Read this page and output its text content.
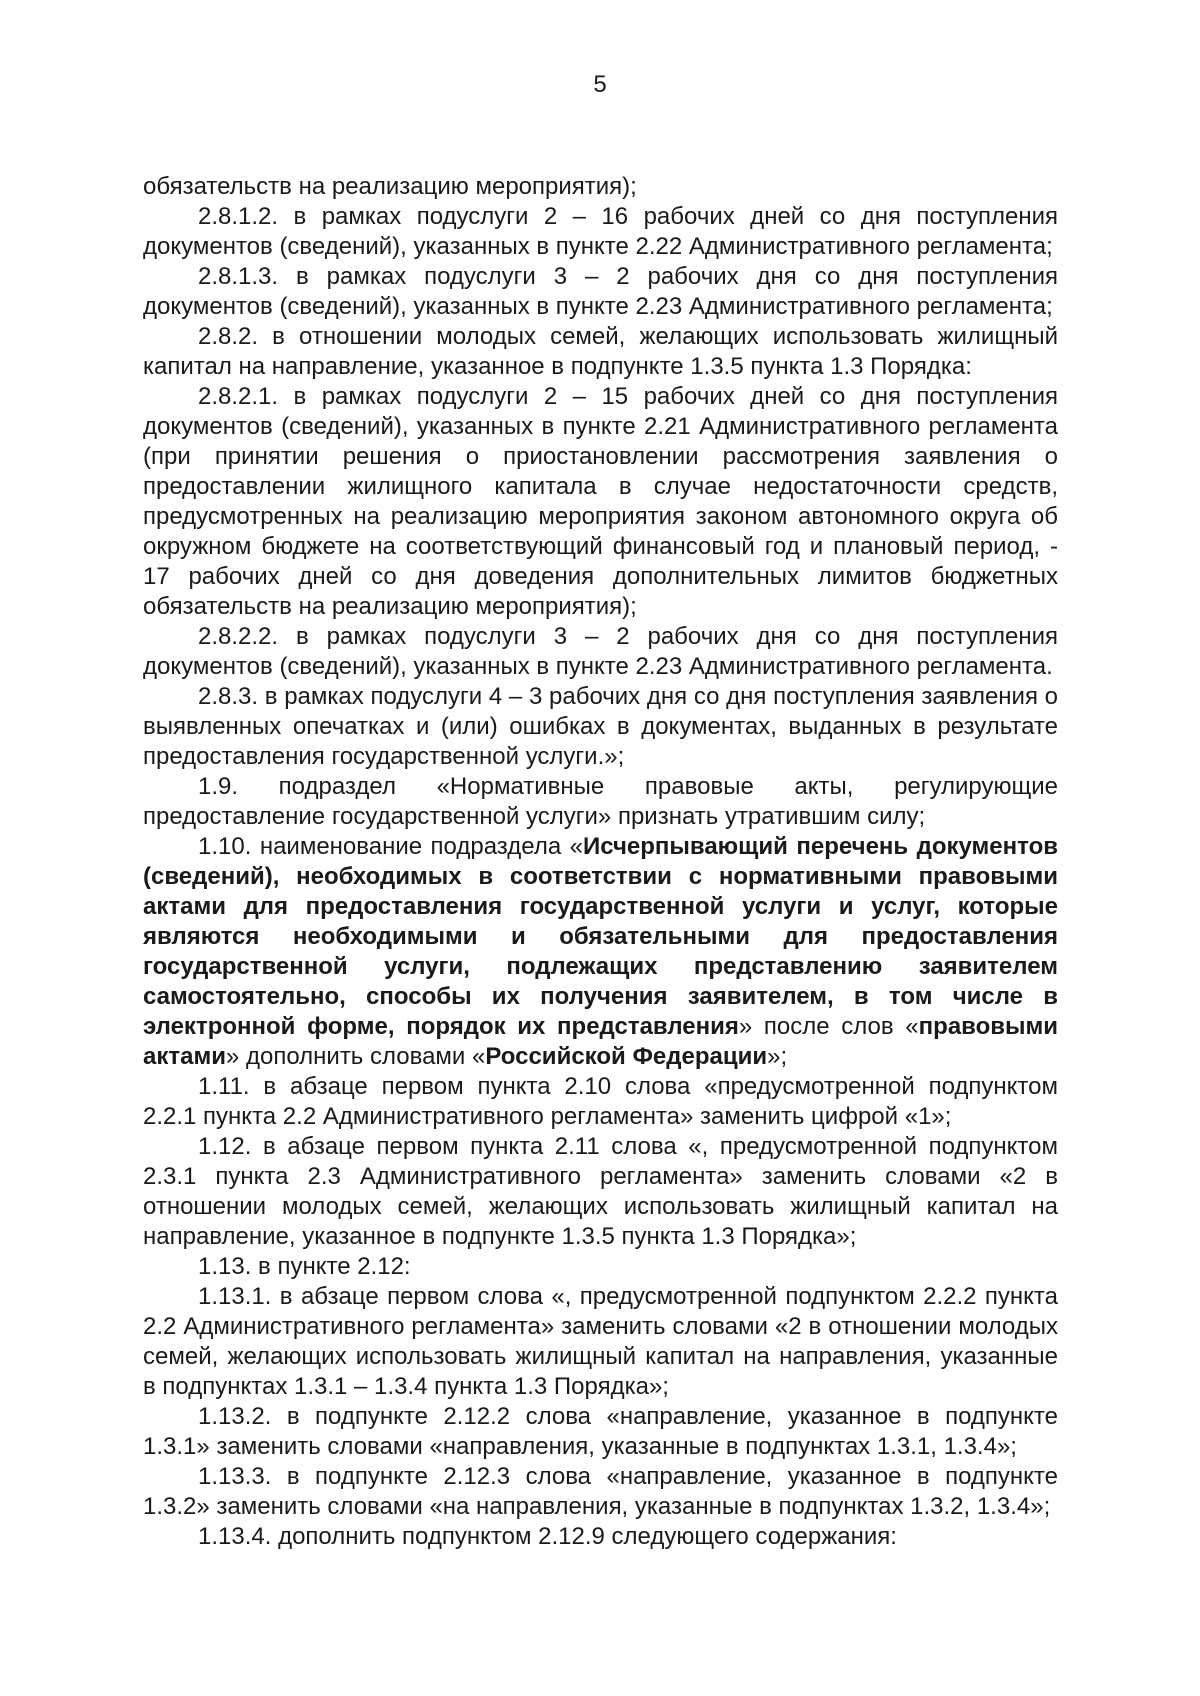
5

обязательств на реализацию мероприятия);

2.8.1.2. в рамках подуслуги 2 – 16 рабочих дней со дня поступления документов (сведений), указанных в пункте 2.22 Административного регламента;

2.8.1.3. в рамках подуслуги 3 – 2 рабочих дня со дня поступления документов (сведений), указанных в пункте 2.23 Административного регламента;

2.8.2. в отношении молодых семей, желающих использовать жилищный капитал на направление, указанное в подпункте 1.3.5 пункта 1.3 Порядка:

2.8.2.1. в рамках подуслуги 2 – 15 рабочих дней со дня поступления документов (сведений), указанных в пункте 2.21 Административного регламента (при принятии решения о приостановлении рассмотрения заявления о предоставлении жилищного капитала в случае недостаточности средств, предусмотренных на реализацию мероприятия законом автономного округа об окружном бюджете на соответствующий финансовый год и плановый период, - 17 рабочих дней со дня доведения дополнительных лимитов бюджетных обязательств на реализацию мероприятия);

2.8.2.2. в рамках подуслуги 3 – 2 рабочих дня со дня поступления документов (сведений), указанных в пункте 2.23 Административного регламента.

2.8.3. в рамках подуслуги 4 – 3 рабочих дня со дня поступления заявления о выявленных опечатках и (или) ошибках в документах, выданных в результате предоставления государственной услуги.»;

1.9. подраздел «Нормативные правовые акты, регулирующие предоставление государственной услуги» признать утратившим силу;

1.10. наименование подраздела «Исчерпывающий перечень документов (сведений), необходимых в соответствии с нормативными правовыми актами для предоставления государственной услуги и услуг, которые являются необходимыми и обязательными для предоставления государственной услуги, подлежащих представлению заявителем самостоятельно, способы их получения заявителем, в том числе в электронной форме, порядок их представления» после слов «правовыми актами» дополнить словами «Российской Федерации»;

1.11. в абзаце первом пункта 2.10 слова «предусмотренной подпунктом 2.2.1 пункта 2.2 Административного регламента» заменить цифрой «1»;

1.12. в абзаце первом пункта 2.11 слова «, предусмотренной подпунктом 2.3.1 пункта 2.3 Административного регламента» заменить словами «2 в отношении молодых семей, желающих использовать жилищный капитал на направление, указанное в подпункте 1.3.5 пункта 1.3 Порядка»;

1.13. в пункте 2.12:

1.13.1. в абзаце первом слова «, предусмотренной подпунктом 2.2.2 пункта 2.2 Административного регламента» заменить словами «2 в отношении молодых семей, желающих использовать жилищный капитал на направления, указанные в подпунктах 1.3.1 – 1.3.4 пункта 1.3 Порядка»;

1.13.2. в подпункте 2.12.2 слова «направление, указанное в подпункте 1.3.1» заменить словами «направления, указанные в подпунктах 1.3.1, 1.3.4»;

1.13.3. в подпункте 2.12.3 слова «направление, указанное в подпункте 1.3.2» заменить словами «на направления, указанные в подпунктах 1.3.2, 1.3.4»;

1.13.4. дополнить подпунктом 2.12.9 следующего содержания:
